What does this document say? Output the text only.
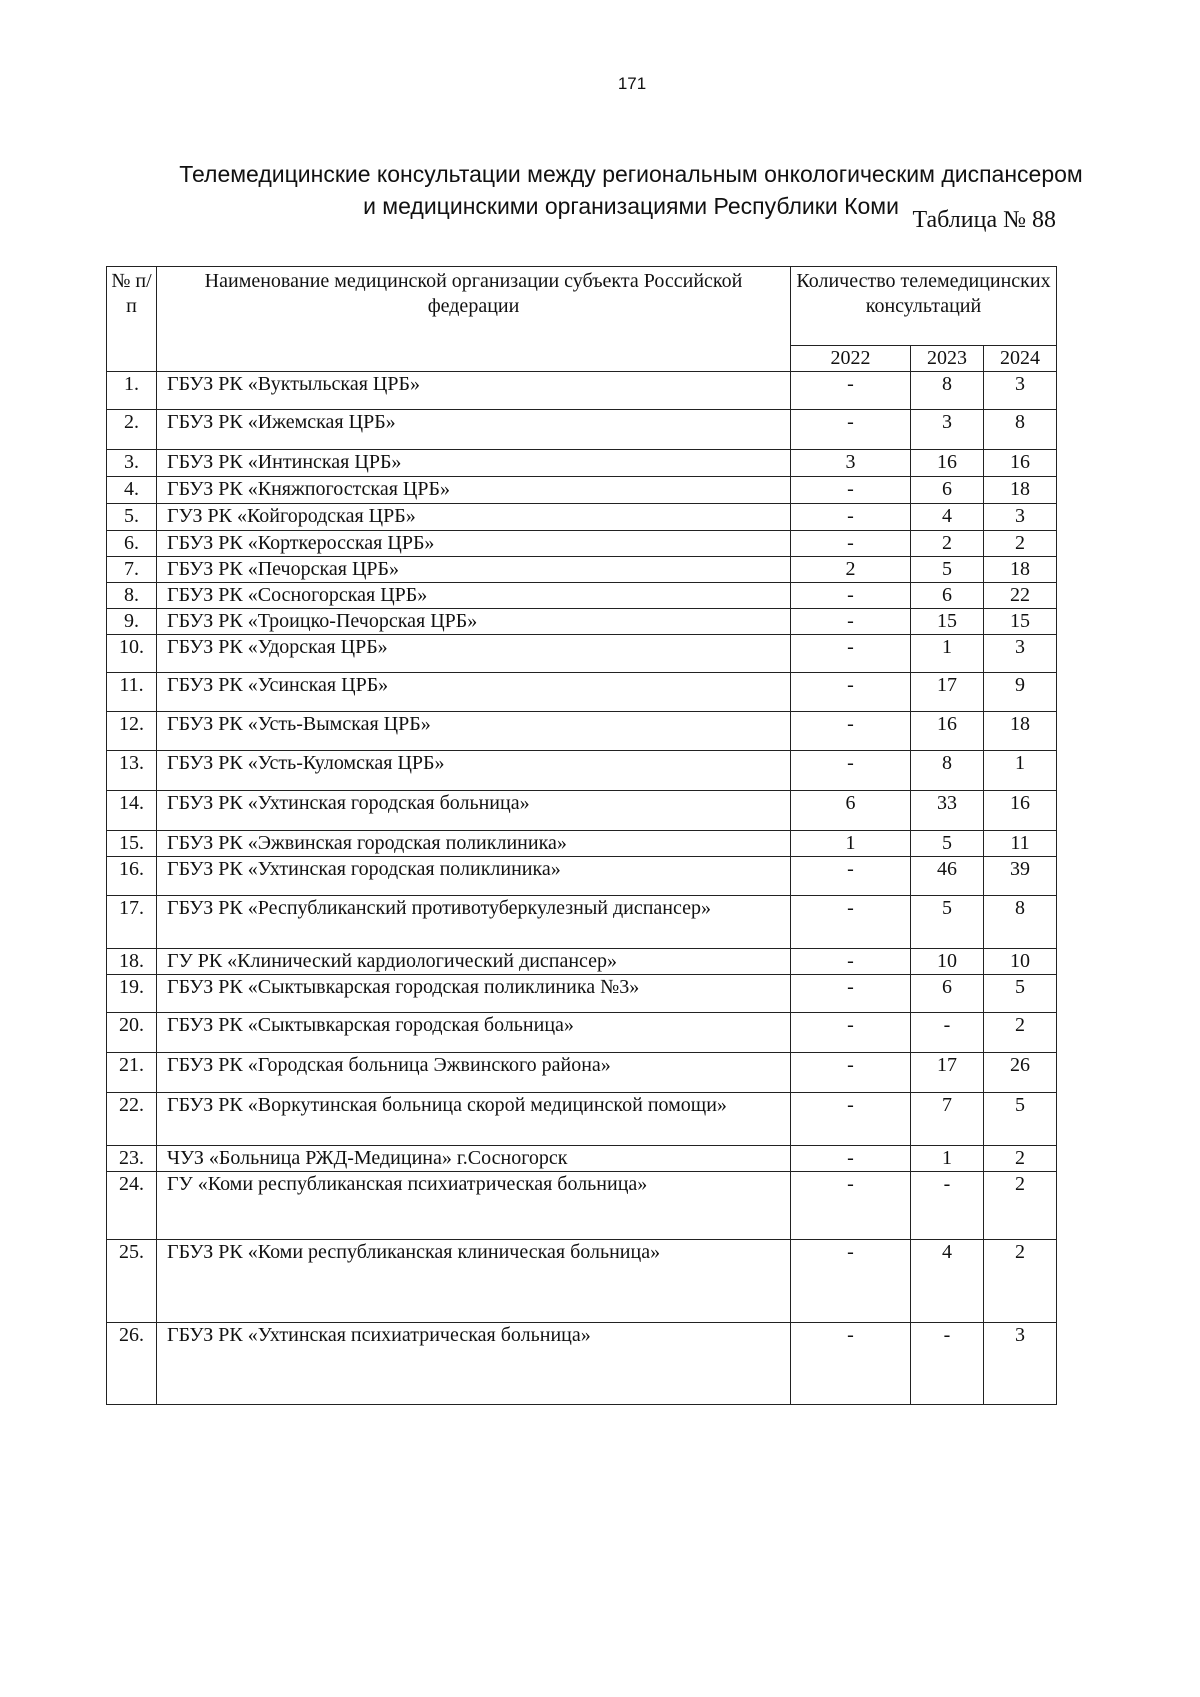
171
Телемедицинские консультации между региональным онкологическим диспансером
и медицинскими организациями Республики Коми
Таблица № 88
№ п/п	Наименование медицинской организации субъекта Российской федерации	Количество телемедицинских консультаций		
		2022	2023	2024
1.	ГБУЗ РК «Вуктыльская ЦРБ»	-	8	3
2.	ГБУЗ РК «Ижемская ЦРБ»	-	3	8
3.	ГБУЗ РК «Интинская ЦРБ»	3	16	16
4.	ГБУЗ РК «Княжпогостская ЦРБ»	-	6	18
5.	ГУЗ РК «Койгородская ЦРБ»	-	4	3
6.	ГБУЗ РК «Корткеросская ЦРБ»	-	2	2
7.	ГБУЗ РК «Печорская ЦРБ»	2	5	18
8.	ГБУЗ РК «Сосногорская ЦРБ»	-	6	22
9.	ГБУЗ РК «Троицко-Печорская ЦРБ»	-	15	15
10.	ГБУЗ РК «Удорская ЦРБ»	-	1	3
11.	ГБУЗ РК «Усинская ЦРБ»	-	17	9
12.	ГБУЗ РК «Усть-Вымская ЦРБ»	-	16	18
13.	ГБУЗ РК «Усть-Куломская ЦРБ»	-	8	1
14.	ГБУЗ РК «Ухтинская городская больница»	6	33	16
15.	ГБУЗ РК «Эжвинская городская поликлиника»	1	5	11
16.	ГБУЗ РК «Ухтинская городская поликлиника»	-	46	39
17.	ГБУЗ РК «Республиканский противотуберкулезный диспансер»	-	5	8
18.	ГУ РК «Клинический кардиологический диспансер»	-	10	10
19.	ГБУЗ РК «Сыктывкарская городская поликлиника №3»	-	6	5
20.	ГБУЗ РК «Сыктывкарская городская больница»	-	-	2
21.	ГБУЗ РК «Городская больница Эжвинского района»	-	17	26
22.	ГБУЗ РК «Воркутинская больница скорой медицинской помощи»	-	7	5
23.	ЧУЗ «Больница РЖД-Медицина» г.Сосногорск	-	1	2
24.	ГУ «Коми республиканская психиатрическая больница»	-	-	2
25.	ГБУЗ РК «Коми республиканская клиническая больница»	-	4	2
26.	ГБУЗ РК «Ухтинская психиатрическая больница»	-	-	3
